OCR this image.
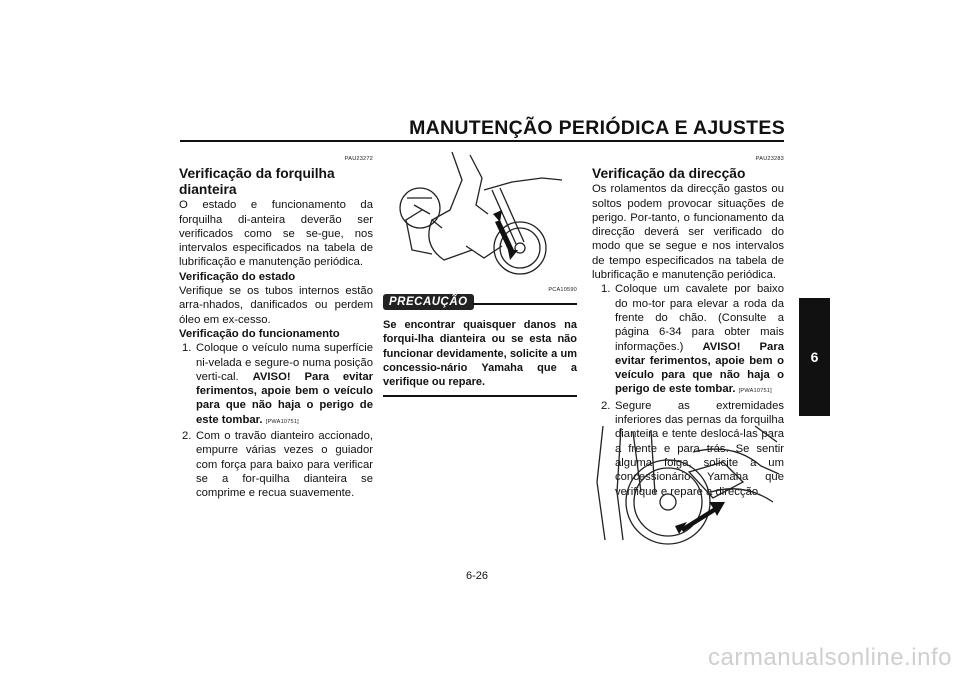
MANUTENÇÃO PERIÓDICA E AJUSTES
6
PAU23272
Verificação da forquilha dianteira

O estado e funcionamento da forquilha di-anteira deverão ser verificados como se se-gue, nos intervalos especificados na tabela de lubrificação e manutenção periódica.

Verificação do estado

Verifique se os tubos internos estão arra-nhados, danificados ou perdem óleo em ex-cesso.

Verificação do funcionamento

1. Coloque o veículo numa superfície ni-velada e segure-o numa posição verti-cal. AVISO! Para evitar ferimentos, apoie bem o veículo para que não haja o perigo de este tombar. [PWA10751]
2. Com o travão dianteiro accionado, empurre várias vezes o guiador com força para baixo para verificar se a for-quilha dianteira se comprime e recua suavemente.
PCA10590
PRECAUÇÃO
Se encontrar quaisquer danos na forqui-lha dianteira ou se esta não funcionar devidamente, solicite a um concessio-nário Yamaha que a verifique ou repare.
PAU23283
Verificação da direcção

Os rolamentos da direcção gastos ou soltos podem provocar situações de perigo. Por-tanto, o funcionamento da direcção deverá ser verificado do modo que se segue e nos intervalos de tempo especificados na tabela de lubrificação e manutenção periódica.

1. Coloque um cavalete por baixo do mo-tor para elevar a roda da frente do chão. (Consulte a página 6-34 para obter mais informações.) AVISO! Para evitar ferimentos, apoie bem o veículo para que não haja o perigo de este tombar. [PWA10751]
2. Segure as extremidades inferiores das pernas da forquilha dianteira e tente deslocá-las para a frente e para trás. Se sentir alguma folga, solicite a um concessionário Yamaha que verifique e repare a direcção.
6-26
carmanualsonline.info
